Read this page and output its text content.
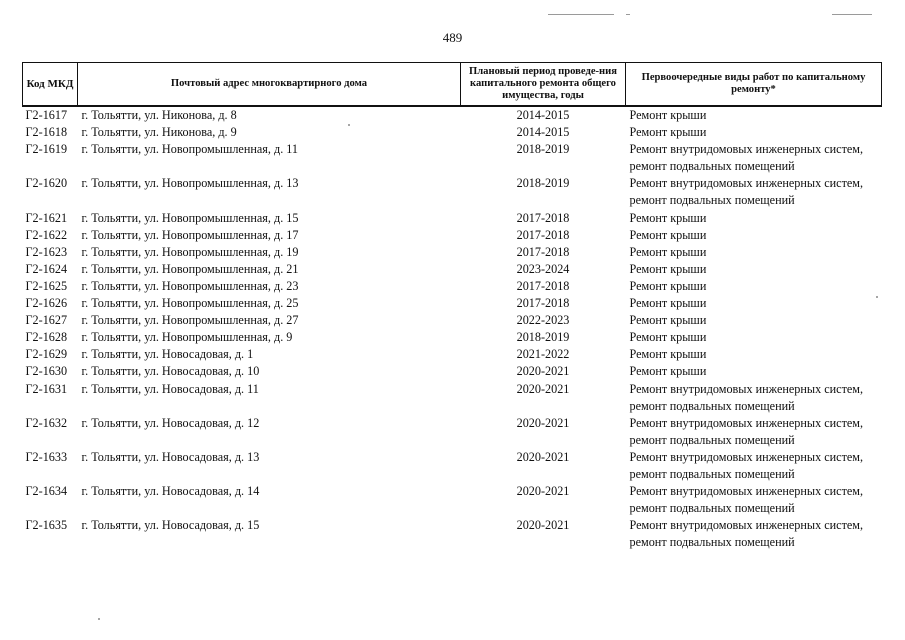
489
Код МКД	Почтовый адрес многоквартирного дома	Плановый период проведе-ния капитального ремонта общего имущества, годы	Первоочередные виды работ по капитальному ремонту*
Г2-1617	г. Тольятти, ул. Никонова, д. 8	2014-2015	Ремонт крыши
Г2-1618	г. Тольятти, ул. Никонова, д. 9	2014-2015	Ремонт крыши
Г2-1619	г. Тольятти, ул. Новопромышленная, д. 11	2018-2019	Ремонт внутридомовых инженерных систем, ремонт подвальных помещений
Г2-1620	г. Тольятти, ул. Новопромышленная, д. 13	2018-2019	Ремонт внутридомовых инженерных систем, ремонт подвальных помещений
Г2-1621	г. Тольятти, ул. Новопромышленная, д. 15	2017-2018	Ремонт крыши
Г2-1622	г. Тольятти, ул. Новопромышленная, д. 17	2017-2018	Ремонт крыши
Г2-1623	г. Тольятти, ул. Новопромышленная, д. 19	2017-2018	Ремонт крыши
Г2-1624	г. Тольятти, ул. Новопромышленная, д. 21	2023-2024	Ремонт крыши
Г2-1625	г. Тольятти, ул. Новопромышленная, д. 23	2017-2018	Ремонт крыши
Г2-1626	г. Тольятти, ул. Новопромышленная, д. 25	2017-2018	Ремонт крыши
Г2-1627	г. Тольятти, ул. Новопромышленная, д. 27	2022-2023	Ремонт крыши
Г2-1628	г. Тольятти, ул. Новопромышленная, д. 9	2018-2019	Ремонт крыши
Г2-1629	г. Тольятти, ул. Новосадовая, д. 1	2021-2022	Ремонт крыши
Г2-1630	г. Тольятти, ул. Новосадовая, д. 10	2020-2021	Ремонт крыши
Г2-1631	г. Тольятти, ул. Новосадовая, д. 11	2020-2021	Ремонт внутридомовых инженерных систем, ремонт подвальных помещений
Г2-1632	г. Тольятти, ул. Новосадовая, д. 12	2020-2021	Ремонт внутридомовых инженерных систем, ремонт подвальных помещений
Г2-1633	г. Тольятти, ул. Новосадовая, д. 13	2020-2021	Ремонт внутридомовых инженерных систем, ремонт подвальных помещений
Г2-1634	г. Тольятти, ул. Новосадовая, д. 14	2020-2021	Ремонт внутридомовых инженерных систем, ремонт подвальных помещений
Г2-1635	г. Тольятти, ул. Новосадовая, д. 15	2020-2021	Ремонт внутридомовых инженерных систем, ремонт подвальных помещений
